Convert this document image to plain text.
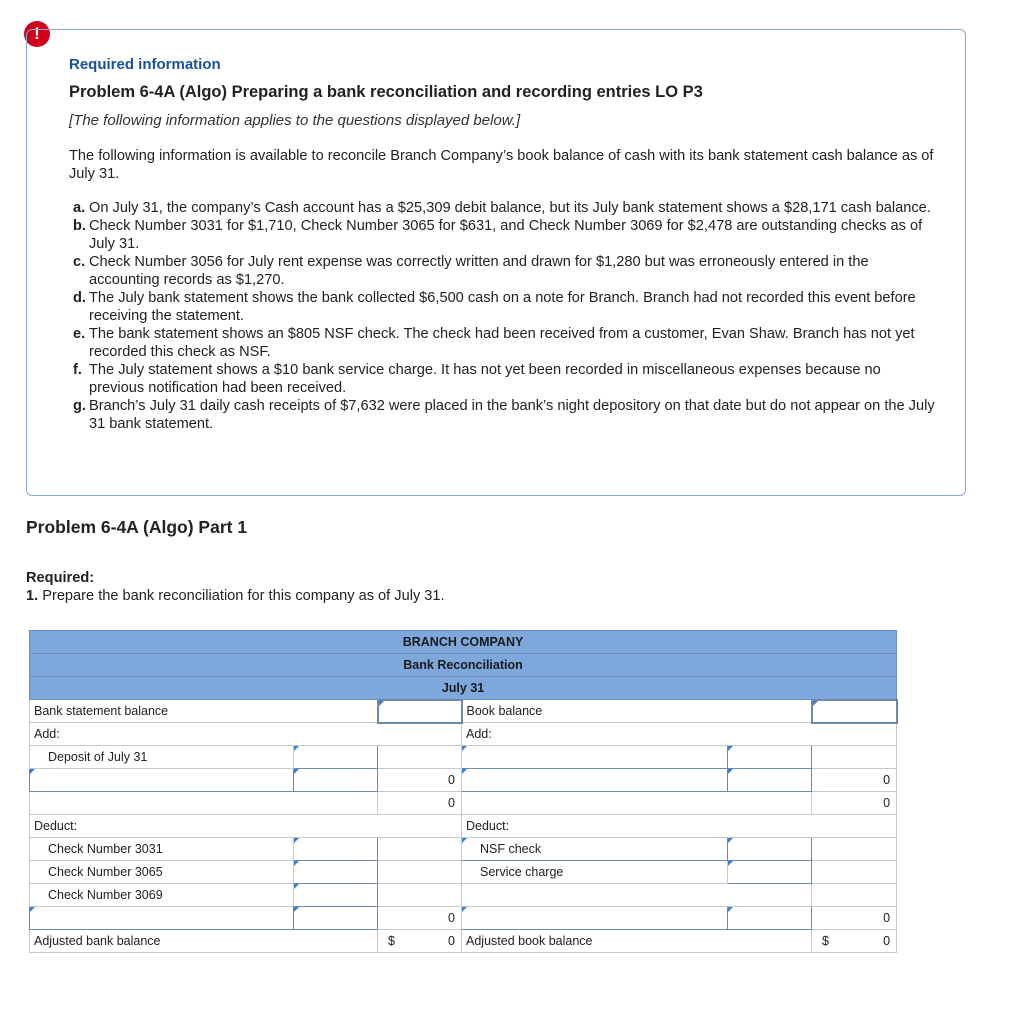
!

Required information

Problem 6-4A (Algo) Preparing a bank reconciliation and recording entries LO P3

[The following information applies to the questions displayed below.]

The following information is available to reconcile Branch Company’s book balance of cash with its bank statement cash balance as of July 31.

a. On July 31, the company’s Cash account has a $25,309 debit balance, but its July bank statement shows a $28,171 cash balance.
b. Check Number 3031 for $1,710, Check Number 3065 for $631, and Check Number 3069 for $2,478 are outstanding checks as of July 31.
c. Check Number 3056 for July rent expense was correctly written and drawn for $1,280 but was erroneously entered in the accounting records as $1,270.
d. The July bank statement shows the bank collected $6,500 cash on a note for Branch. Branch had not recorded this event before receiving the statement.
e. The bank statement shows an $805 NSF check. The check had been received from a customer, Evan Shaw. Branch has not yet recorded this check as NSF.
f. The July statement shows a $10 bank service charge. It has not yet been recorded in miscellaneous expenses because no previous notification had been received.
g. Branch’s July 31 daily cash receipts of $7,632 were placed in the bank’s night depository on that date but do not appear on the July 31 bank statement.
Problem 6-4A (Algo) Part 1
Required:
1. Prepare the bank reconciliation for this company as of July 31.
BRANCH COMPANY					
Bank Reconciliation					
July 31					
Bank statement balance			Book balance		
Add:			Add:		
Deposit of July 31					
		0			0
		0			0
Deduct:			Deduct:		
Check Number 3031			NSF check		
Check Number 3065			Service charge		
Check Number 3069					
		0			0
Adjusted bank balance		$ 0	Adjusted book balance		$ 0
